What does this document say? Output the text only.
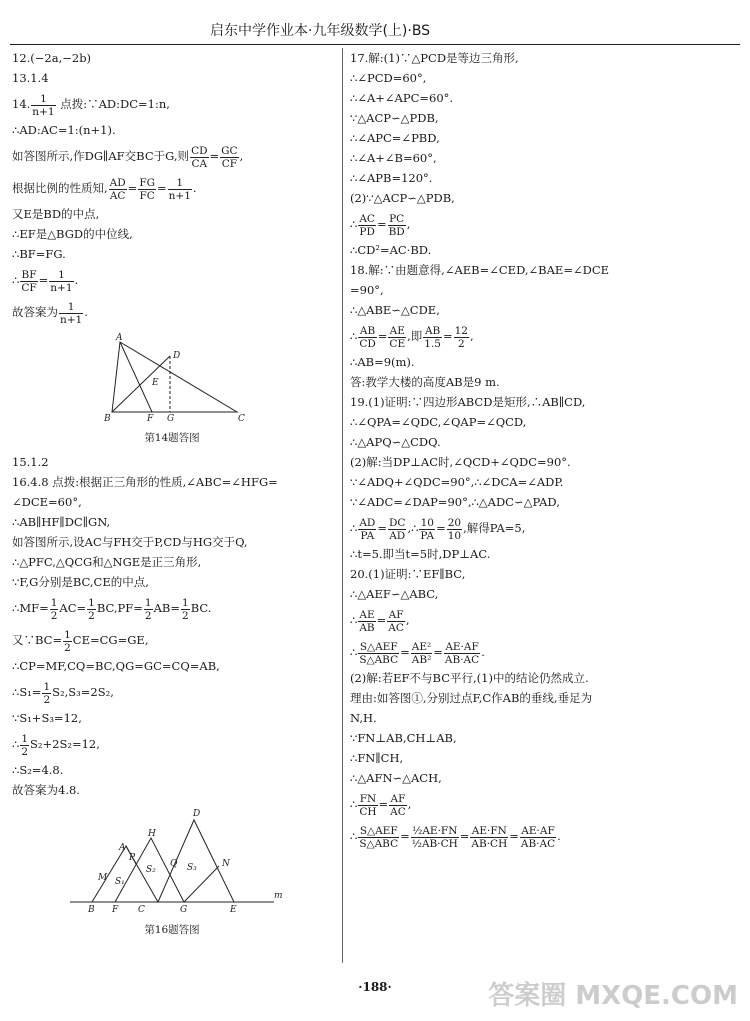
启东中学作业本·九年级数学(上)·BS
12.(−2a,−2b)
13.1.4
14. $\frac{1}{n+1}$ 点拨:∵AD:DC=1:n,
∴AD:AC=1:(n+1).
如答图所示,作DG∥AF交BC于G,则 $\frac{CD}{CA} = \frac{GC}{CF}$ ,
根据比例的性质知, $\frac{AD}{AC} = \frac{FG}{FC} = \frac{1}{n+1}$ .
又E是BD的中点,
∴EF是△BGD的中位线,
∴BF=FG.
∴ $\frac{BF}{CF} = \frac{1}{n+1}$ .
故答案为 $\frac{1}{n+1}$ .
A
D
E
B	F G	C
第14题答图
15.1.2
16.4.8 点拨:根据正三角形的性质,∠ABC=∠HFG=
∠DCE=60°,
∴AB∥HF∥DC∥GN,
如答图所示,设AC与FH交于P,CD与HG交于Q,
∴△PFC,△QCG和△NGE是正三角形,
∵F,G分别是BC,CE的中点,
∴MF= $\frac{1}{2} AC= \frac{1}{2} BC,PF= \frac{1}{2} AB= \frac{1}{2}$ BC.
又∵BC= $\frac{1}{2} CE=CG=GE$,
∴CP=MF,CQ=BC,QG=GC=CQ=AB,
∴S₁= $\frac{1}{2} S_2,S_3=2S_2$,
∵S₁+S₃=12,
∴ $\frac{1}{2} S_2+2S_2=12$,
∴S₂=4.8.
故答案为4.8.
D
H
A
N
Q S₃
S₂
P
M S₁
B F C	G	E
m
第16题答图
17.解:(1)∵△PCD是等边三角形,
∴∠PCD=60°,
∴∠A+∠APC=60°.
∵△ACP∽△PDB,
∴∠APC=∠PBD,
∴∠A+∠B=60°,
∴∠APB=120°.
(2)∵△ACP∽△PDB,
∴ $\frac{AC}{PD} = \frac{PC}{BD}$ ,
∴CD²=AC·BD.
18.解:∵由题意得,∠AEB=∠CED,∠BAE=∠DCE
=90°,
∴△ABE∽△CDE,
∴ $\frac{AB}{CD} = \frac{AE}{CE}$ ,即 $\frac{AB}{1.5} = \frac{12}{2}$ ,
∴AB=9(m).
答:教学大楼的高度AB是9 m.
19.(1)证明:∵四边形ABCD是矩形,∴AB∥CD,
∴∠QPA=∠QDC,∠QAP=∠QCD,
∴△APQ∽△CDQ.
(2)解:当DP⊥AC时,∠QCD+∠QDC=90°.
∵∠ADQ+∠QDC=90°,∴∠DCA=∠ADP.
∵∠ADC=∠DAP=90°,∴△ADC∽△PAD,
∴ $\frac{AD}{PA} = \frac{DC}{AD}$ ,∴ $\frac{10}{PA} = \frac{20}{10}$ ,解得PA=5,
∴t=5.即当t=5时,DP⊥AC.
20.(1)证明:∵EF∥BC,
∴△AEF∽△ABC,
∴ $\frac{AE}{AB} = \frac{AF}{AC}$ ,
∴ $\frac{\text{S△AEF}}{\text{S△ABC}} = \frac{\text{AE²}}{\text{AB²}} = \frac{AE\cdot AF}{AB\cdot AC}$ .
(2)解:若EF不与BC平行,(1)中的结论仍然成立.
理由:如答图①,分别过点F,C作AB的垂线,垂足为
N,H.
∵FN⊥AB,CH⊥AB,
∴FN∥CH,
∴△AFN∽△ACH,
∴ $\frac{FN}{CH} = \frac{AF}{AC}$ ,
∴ $\frac{\text{S△AEF}}{\text{S△ABC}} = \frac{\text{½AE·FN}}{\text{½AB·CH}} = \frac{AE\cdot FN}{AB\cdot CH} = \frac{AE\cdot AF}{AB\cdot AC}$ .
·188·	答案圈 MXQE.COM
